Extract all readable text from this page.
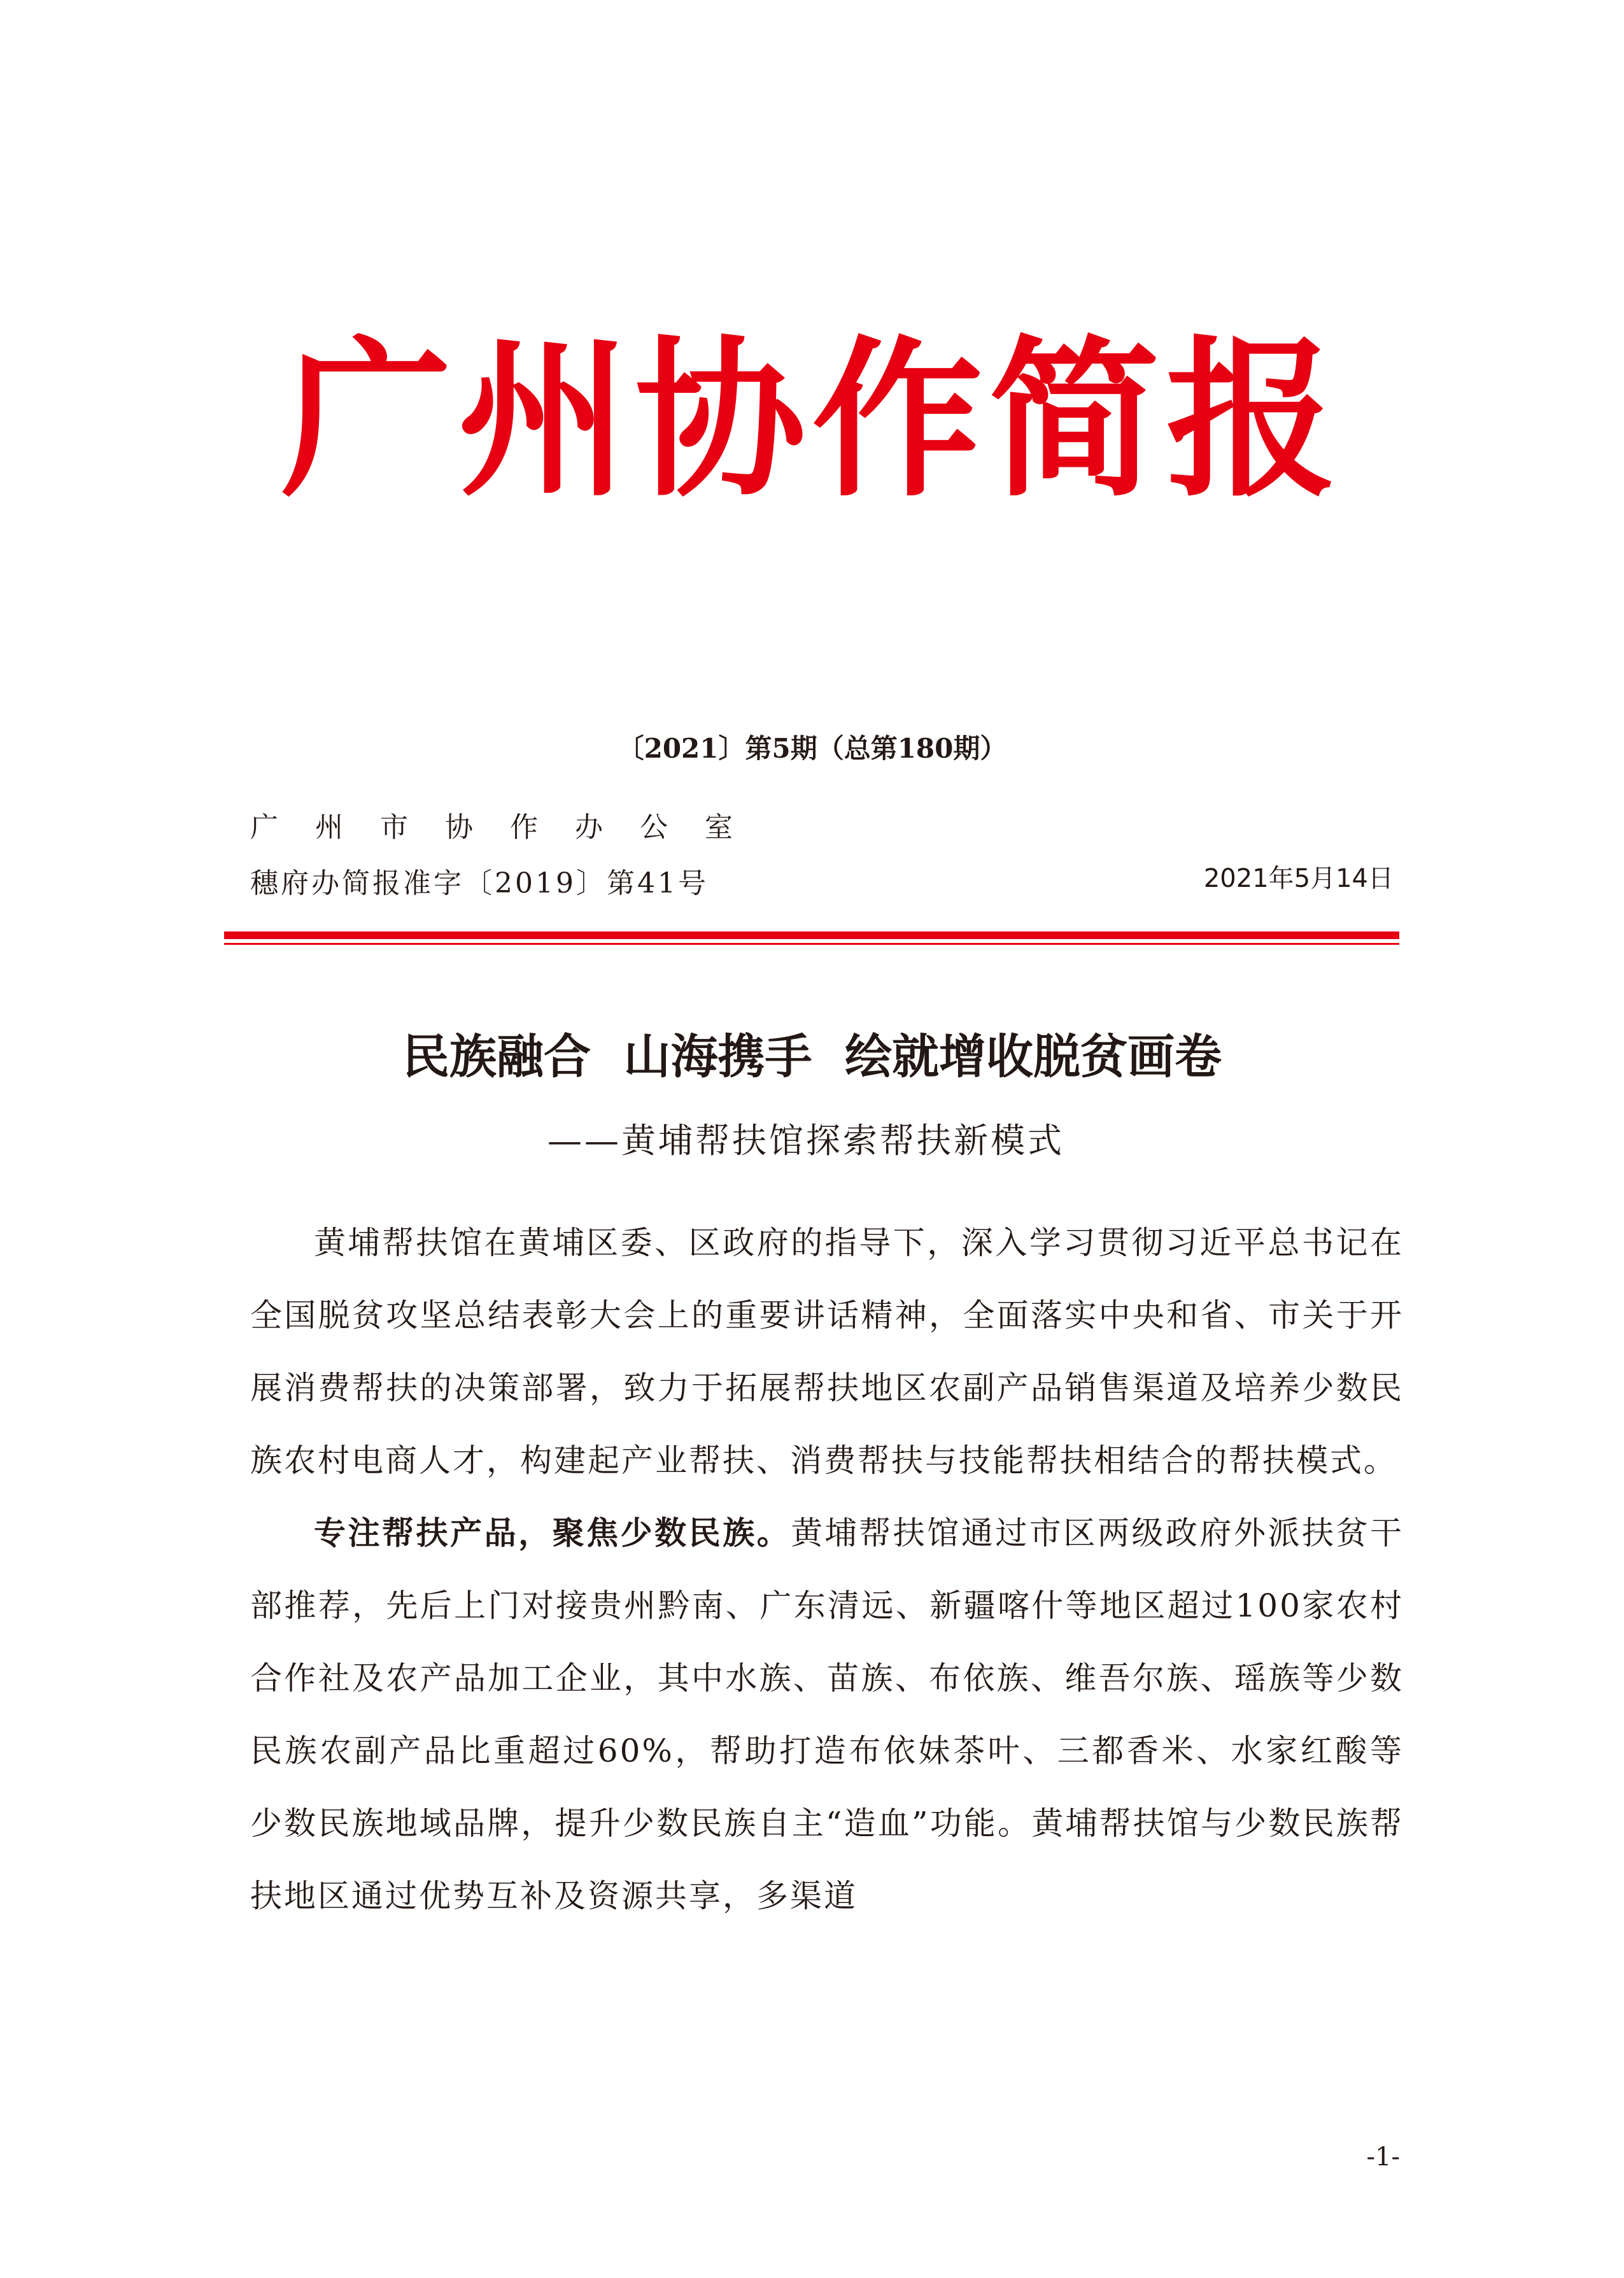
广州协作简报
〔2021〕第5期（总第180期）
广州市协作办公室
穗府办简报准字〔2019〕第41号	2021年5月14日
民族融合  山海携手  绘就增收脱贫画卷
——黄埔帮扶馆探索帮扶新模式

黄埔帮扶馆在黄埔区委、区政府的指导下，深入学习贯彻习近平总书记在全国脱贫攻坚总结表彰大会上的重要讲话精神，全面落实中央和省、市关于开展消费帮扶的决策部署，致力于拓展帮扶地区农副产品销售渠道及培养少数民族农村电商人才，构建起产业帮扶、消费帮扶与技能帮扶相结合的帮扶模式。

专注帮扶产品，聚焦少数民族。黄埔帮扶馆通过市区两级政府外派扶贫干部推荐，先后上门对接贵州黔南、广东清远、新疆喀什等地区超过100家农村合作社及农产品加工企业，其中水族、苗族、布依族、维吾尔族、瑶族等少数民族农副产品比重超过60%，帮助打造布依妹茶叶、三都香米、水家红酸等少数民族地域品牌，提升少数民族自主“造血”功能。黄埔帮扶馆与少数民族帮扶地区通过优势互补及资源共享，多渠道

-1-
